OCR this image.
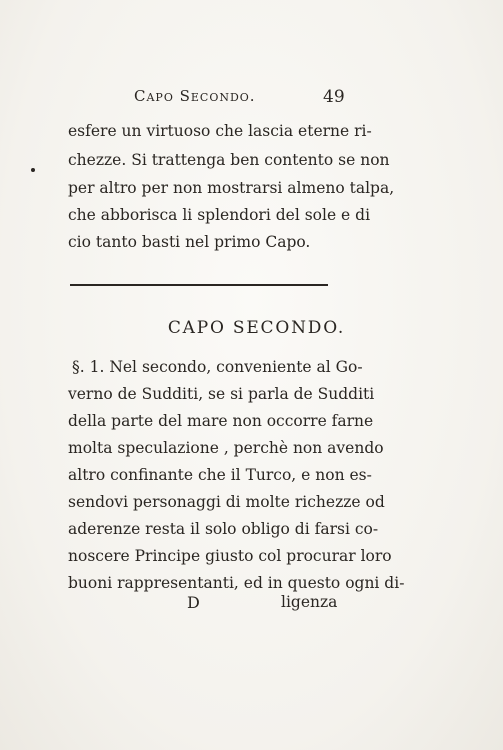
Capo Secondo.	49
esfere un virtuoso che lascia eterne ri-
chezze. Si trattenga ben contento se non
per altro per non mostrarsi almeno talpa,
che abborisca li splendori del sole e di
cio tanto basti nel primo Capo.
CAPO SECONDO.
§. 1. Nel secondo, conveniente al Go-
verno de Sudditi, se si parla de Sudditi
della parte del mare non occorre farne
molta speculazione , perchè non avendo
altro confinante che il Turco, e non es-
sendovi personaggi di molte richezze od
aderenze resta il solo obligo di farsi co-
noscere Principe giusto col procurar loro
buoni rappresentanti, ed in questo ogni di-
D	ligenza
